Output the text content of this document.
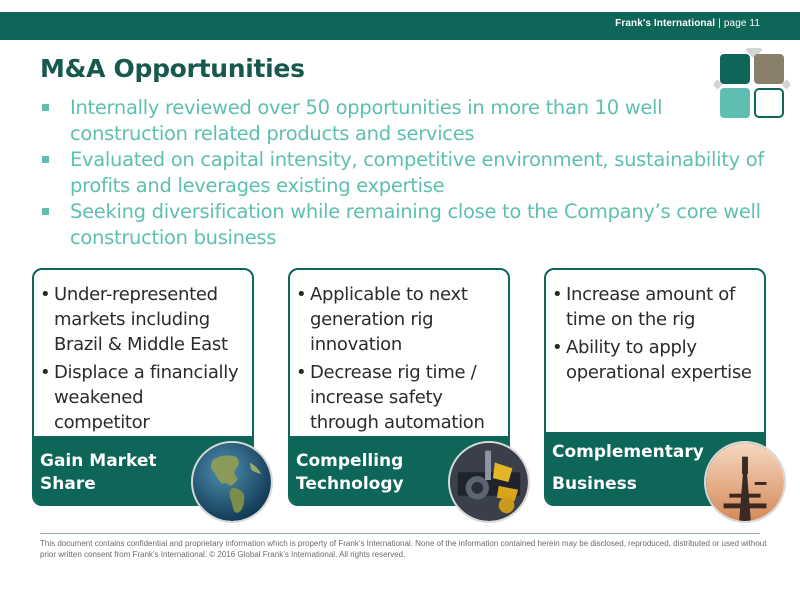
Frank's International | page 11
M&A Opportunities
Internally reviewed over 50 opportunities in more than 10 well construction related products and services
Evaluated on capital intensity, competitive environment, sustainability of profits and leverages existing expertise
Seeking diversification while remaining close to the Company’s core well construction business
• Under-represented markets including Brazil & Middle East
• Displace a financially weakened competitor
Gain Market
Share
• Applicable to next generation rig innovation
• Decrease rig time / increase safety through automation
Compelling
Technology
• Increase amount of time on the rig
• Ability to apply operational expertise
Complementary
Business

This document contains confidential and proprietary information which is property of Frank’s International. None of the information contained herein may be disclosed, reproduced, distributed or used without prior written consent from Frank’s International. © 2016 Global Frank’s International. All rights reserved.
